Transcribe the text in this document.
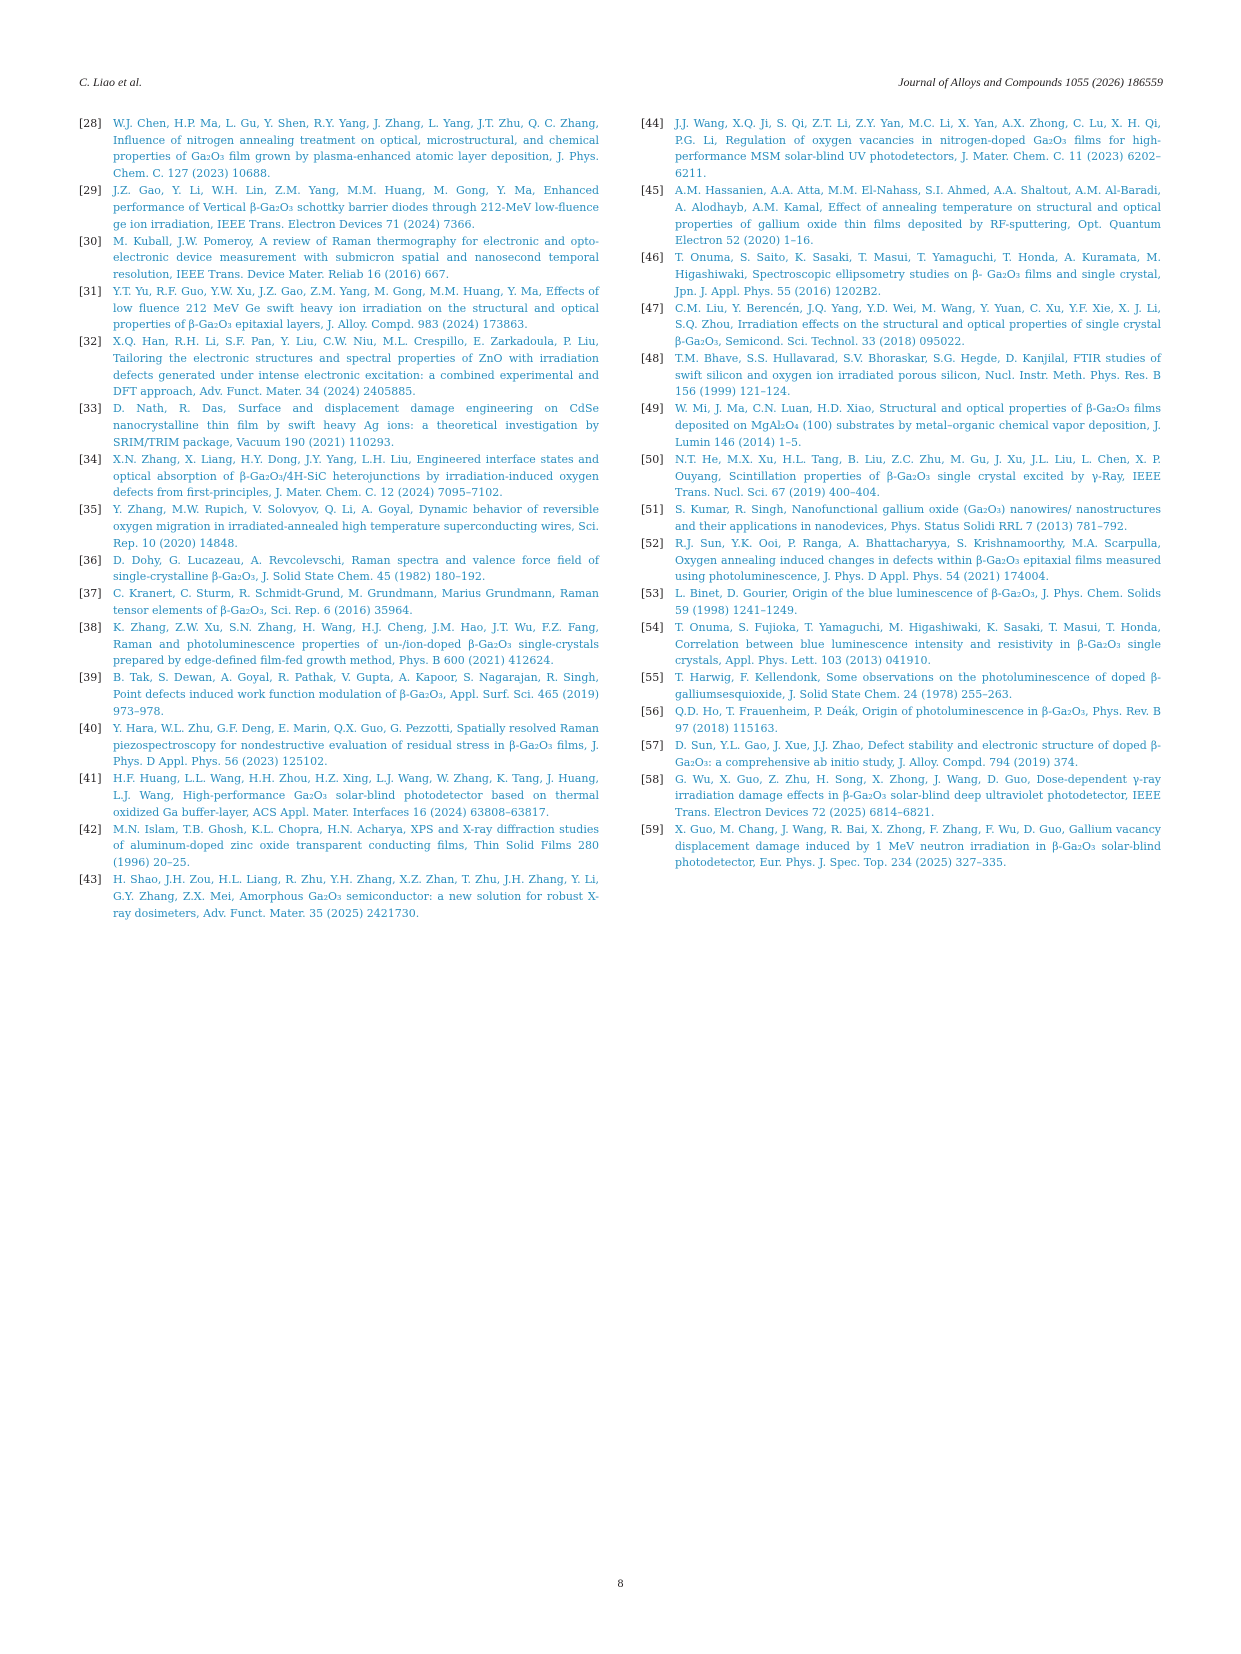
C. Liao et al.	Journal of Alloys and Compounds 1055 (2026) 186559
[28]	W.J. Chen, H.P. Ma, L. Gu, Y. Shen, R.Y. Yang, J. Zhang, L. Yang, J.T. Zhu, Q. C. Zhang, Influence of nitrogen annealing treatment on optical, microstructural, and chemical properties of Ga₂O₃ film grown by plasma-enhanced atomic layer deposition, J. Phys. Chem. C. 127 (2023) 10688.
[29]	J.Z. Gao, Y. Li, W.H. Lin, Z.M. Yang, M.M. Huang, M. Gong, Y. Ma, Enhanced performance of Vertical β-Ga₂O₃ schottky barrier diodes through 212-MeV low-fluence ge ion irradiation, IEEE Trans. Electron Devices 71 (2024) 7366.
[30]	M. Kuball, J.W. Pomeroy, A review of Raman thermography for electronic and opto-electronic device measurement with submicron spatial and nanosecond temporal resolution, IEEE Trans. Device Mater. Reliab 16 (2016) 667.
[31]	Y.T. Yu, R.F. Guo, Y.W. Xu, J.Z. Gao, Z.M. Yang, M. Gong, M.M. Huang, Y. Ma, Effects of low fluence 212 MeV Ge swift heavy ion irradiation on the structural and optical properties of β-Ga₂O₃ epitaxial layers, J. Alloy. Compd. 983 (2024) 173863.
[32]	X.Q. Han, R.H. Li, S.F. Pan, Y. Liu, C.W. Niu, M.L. Crespillo, E. Zarkadoula, P. Liu, Tailoring the electronic structures and spectral properties of ZnO with irradiation defects generated under intense electronic excitation: a combined experimental and DFT approach, Adv. Funct. Mater. 34 (2024) 2405885.
[33]	D. Nath, R. Das, Surface and displacement damage engineering on CdSe nanocrystalline thin film by swift heavy Ag ions: a theoretical investigation by SRIM/TRIM package, Vacuum 190 (2021) 110293.
[34]	X.N. Zhang, X. Liang, H.Y. Dong, J.Y. Yang, L.H. Liu, Engineered interface states and optical absorption of β-Ga₂O₃/4H-SiC heterojunctions by irradiation-induced oxygen defects from first-principles, J. Mater. Chem. C. 12 (2024) 7095–7102.
[35]	Y. Zhang, M.W. Rupich, V. Solovyov, Q. Li, A. Goyal, Dynamic behavior of reversible oxygen migration in irradiated-annealed high temperature superconducting wires, Sci. Rep. 10 (2020) 14848.
[36]	D. Dohy, G. Lucazeau, A. Revcolevschi, Raman spectra and valence force field of single-crystalline β-Ga₂O₃, J. Solid State Chem. 45 (1982) 180–192.
[37]	C. Kranert, C. Sturm, R. Schmidt-Grund, M. Grundmann, Marius Grundmann, Raman tensor elements of β-Ga₂O₃, Sci. Rep. 6 (2016) 35964.
[38]	K. Zhang, Z.W. Xu, S.N. Zhang, H. Wang, H.J. Cheng, J.M. Hao, J.T. Wu, F.Z. Fang, Raman and photoluminescence properties of un-/ion-doped β-Ga₂O₃ single-crystals prepared by edge-defined film-fed growth method, Phys. B 600 (2021) 412624.
[39]	B. Tak, S. Dewan, A. Goyal, R. Pathak, V. Gupta, A. Kapoor, S. Nagarajan, R. Singh, Point defects induced work function modulation of β-Ga₂O₃, Appl. Surf. Sci. 465 (2019) 973–978.
[40]	Y. Hara, W.L. Zhu, G.F. Deng, E. Marin, Q.X. Guo, G. Pezzotti, Spatially resolved Raman piezospectroscopy for nondestructive evaluation of residual stress in β-Ga₂O₃ films, J. Phys. D Appl. Phys. 56 (2023) 125102.
[41]	H.F. Huang, L.L. Wang, H.H. Zhou, H.Z. Xing, L.J. Wang, W. Zhang, K. Tang, J. Huang, L.J. Wang, High-performance Ga₂O₃ solar-blind photodetector based on thermal oxidized Ga buffer-layer, ACS Appl. Mater. Interfaces 16 (2024) 63808–63817.
[42]	M.N. Islam, T.B. Ghosh, K.L. Chopra, H.N. Acharya, XPS and X-ray diffraction studies of aluminum-doped zinc oxide transparent conducting films, Thin Solid Films 280 (1996) 20–25.
[43]	H. Shao, J.H. Zou, H.L. Liang, R. Zhu, Y.H. Zhang, X.Z. Zhan, T. Zhu, J.H. Zhang, Y. Li, G.Y. Zhang, Z.X. Mei, Amorphous Ga₂O₃ semiconductor: a new solution for robust X-ray dosimeters, Adv. Funct. Mater. 35 (2025) 2421730.
[44]	J.J. Wang, X.Q. Ji, S. Qi, Z.T. Li, Z.Y. Yan, M.C. Li, X. Yan, A.X. Zhong, C. Lu, X. H. Qi, P.G. Li, Regulation of oxygen vacancies in nitrogen-doped Ga₂O₃ films for high-performance MSM solar-blind UV photodetectors, J. Mater. Chem. C. 11 (2023) 6202–6211.
[45]	A.M. Hassanien, A.A. Atta, M.M. El-Nahass, S.I. Ahmed, A.A. Shaltout, A.M. Al-Baradi, A. Alodhayb, A.M. Kamal, Effect of annealing temperature on structural and optical properties of gallium oxide thin films deposited by RF-sputtering, Opt. Quantum Electron 52 (2020) 1–16.
[46]	T. Onuma, S. Saito, K. Sasaki, T. Masui, T. Yamaguchi, T. Honda, A. Kuramata, M. Higashiwaki, Spectroscopic ellipsometry studies on β- Ga₂O₃ films and single crystal, Jpn. J. Appl. Phys. 55 (2016) 1202B2.
[47]	C.M. Liu, Y. Berencén, J.Q. Yang, Y.D. Wei, M. Wang, Y. Yuan, C. Xu, Y.F. Xie, X. J. Li, S.Q. Zhou, Irradiation effects on the structural and optical properties of single crystal β-Ga₂O₃, Semicond. Sci. Technol. 33 (2018) 095022.
[48]	T.M. Bhave, S.S. Hullavarad, S.V. Bhoraskar, S.G. Hegde, D. Kanjilal, FTIR studies of swift silicon and oxygen ion irradiated porous silicon, Nucl. Instr. Meth. Phys. Res. B 156 (1999) 121–124.
[49]	W. Mi, J. Ma, C.N. Luan, H.D. Xiao, Structural and optical properties of β-Ga₂O₃ films deposited on MgAl₂O₄ (100) substrates by metal–organic chemical vapor deposition, J. Lumin 146 (2014) 1–5.
[50]	N.T. He, M.X. Xu, H.L. Tang, B. Liu, Z.C. Zhu, M. Gu, J. Xu, J.L. Liu, L. Chen, X. P. Ouyang, Scintillation properties of β-Ga₂O₃ single crystal excited by γ-Ray, IEEE Trans. Nucl. Sci. 67 (2019) 400–404.
[51]	S. Kumar, R. Singh, Nanofunctional gallium oxide (Ga₂O₃) nanowires/ nanostructures and their applications in nanodevices, Phys. Status Solidi RRL 7 (2013) 781–792.
[52]	R.J. Sun, Y.K. Ooi, P. Ranga, A. Bhattacharyya, S. Krishnamoorthy, M.A. Scarpulla, Oxygen annealing induced changes in defects within β-Ga₂O₃ epitaxial films measured using photoluminescence, J. Phys. D Appl. Phys. 54 (2021) 174004.
[53]	L. Binet, D. Gourier, Origin of the blue luminescence of β-Ga₂O₃, J. Phys. Chem. Solids 59 (1998) 1241–1249.
[54]	T. Onuma, S. Fujioka, T. Yamaguchi, M. Higashiwaki, K. Sasaki, T. Masui, T. Honda, Correlation between blue luminescence intensity and resistivity in β-Ga₂O₃ single crystals, Appl. Phys. Lett. 103 (2013) 041910.
[55]	T. Harwig, F. Kellendonk, Some observations on the photoluminescence of doped β-galliumsesquioxide, J. Solid State Chem. 24 (1978) 255–263.
[56]	Q.D. Ho, T. Frauenheim, P. Deák, Origin of photoluminescence in β-Ga₂O₃, Phys. Rev. B 97 (2018) 115163.
[57]	D. Sun, Y.L. Gao, J. Xue, J.J. Zhao, Defect stability and electronic structure of doped β-Ga₂O₃: a comprehensive ab initio study, J. Alloy. Compd. 794 (2019) 374.
[58]	G. Wu, X. Guo, Z. Zhu, H. Song, X. Zhong, J. Wang, D. Guo, Dose-dependent γ-ray irradiation damage effects in β-Ga₂O₃ solar-blind deep ultraviolet photodetector, IEEE Trans. Electron Devices 72 (2025) 6814–6821.
[59]	X. Guo, M. Chang, J. Wang, R. Bai, X. Zhong, F. Zhang, F. Wu, D. Guo, Gallium vacancy displacement damage induced by 1 MeV neutron irradiation in β-Ga₂O₃ solar-blind photodetector, Eur. Phys. J. Spec. Top. 234 (2025) 327–335.
8
